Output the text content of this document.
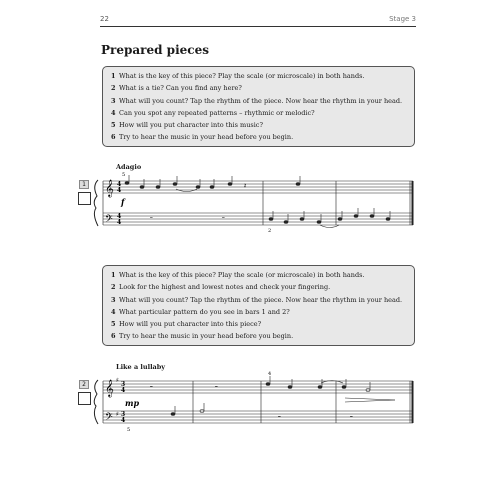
22	Stage 3
Prepared pieces
1 What is the key of this piece? Play the scale (or microscale) in both hands.
2 What is a tie? Can you find any here?
3 What will you count? Tap the rhythm of the piece. Now hear the rhythm in your head.
4 Can you spot any repeated patterns – rhythmic or melodic?
5 How will you put character into this music?
6 Try to hear the music in your head before you begin.
Adagio
1 𝄞
𝄢
4
4
4
4
5
f
𝄽
𝄼	𝄼
2
1 What is the key of this piece? Play the scale (or microscale) in both hands.
2 Look for the highest and lowest notes and check your fingering.
3 What will you count? Tap the rhythm of the piece. Now hear the rhythm in your head.
4 What particular pattern do you see in bars 1 and 2?
5 How will you put character into this piece?
6 Try to hear the music in your head before you begin.
Like a lullaby
2 𝄞
𝄢
♯
♯
3
4
3
4
mp
𝄼	𝄼
4
5
𝄼	𝄼
